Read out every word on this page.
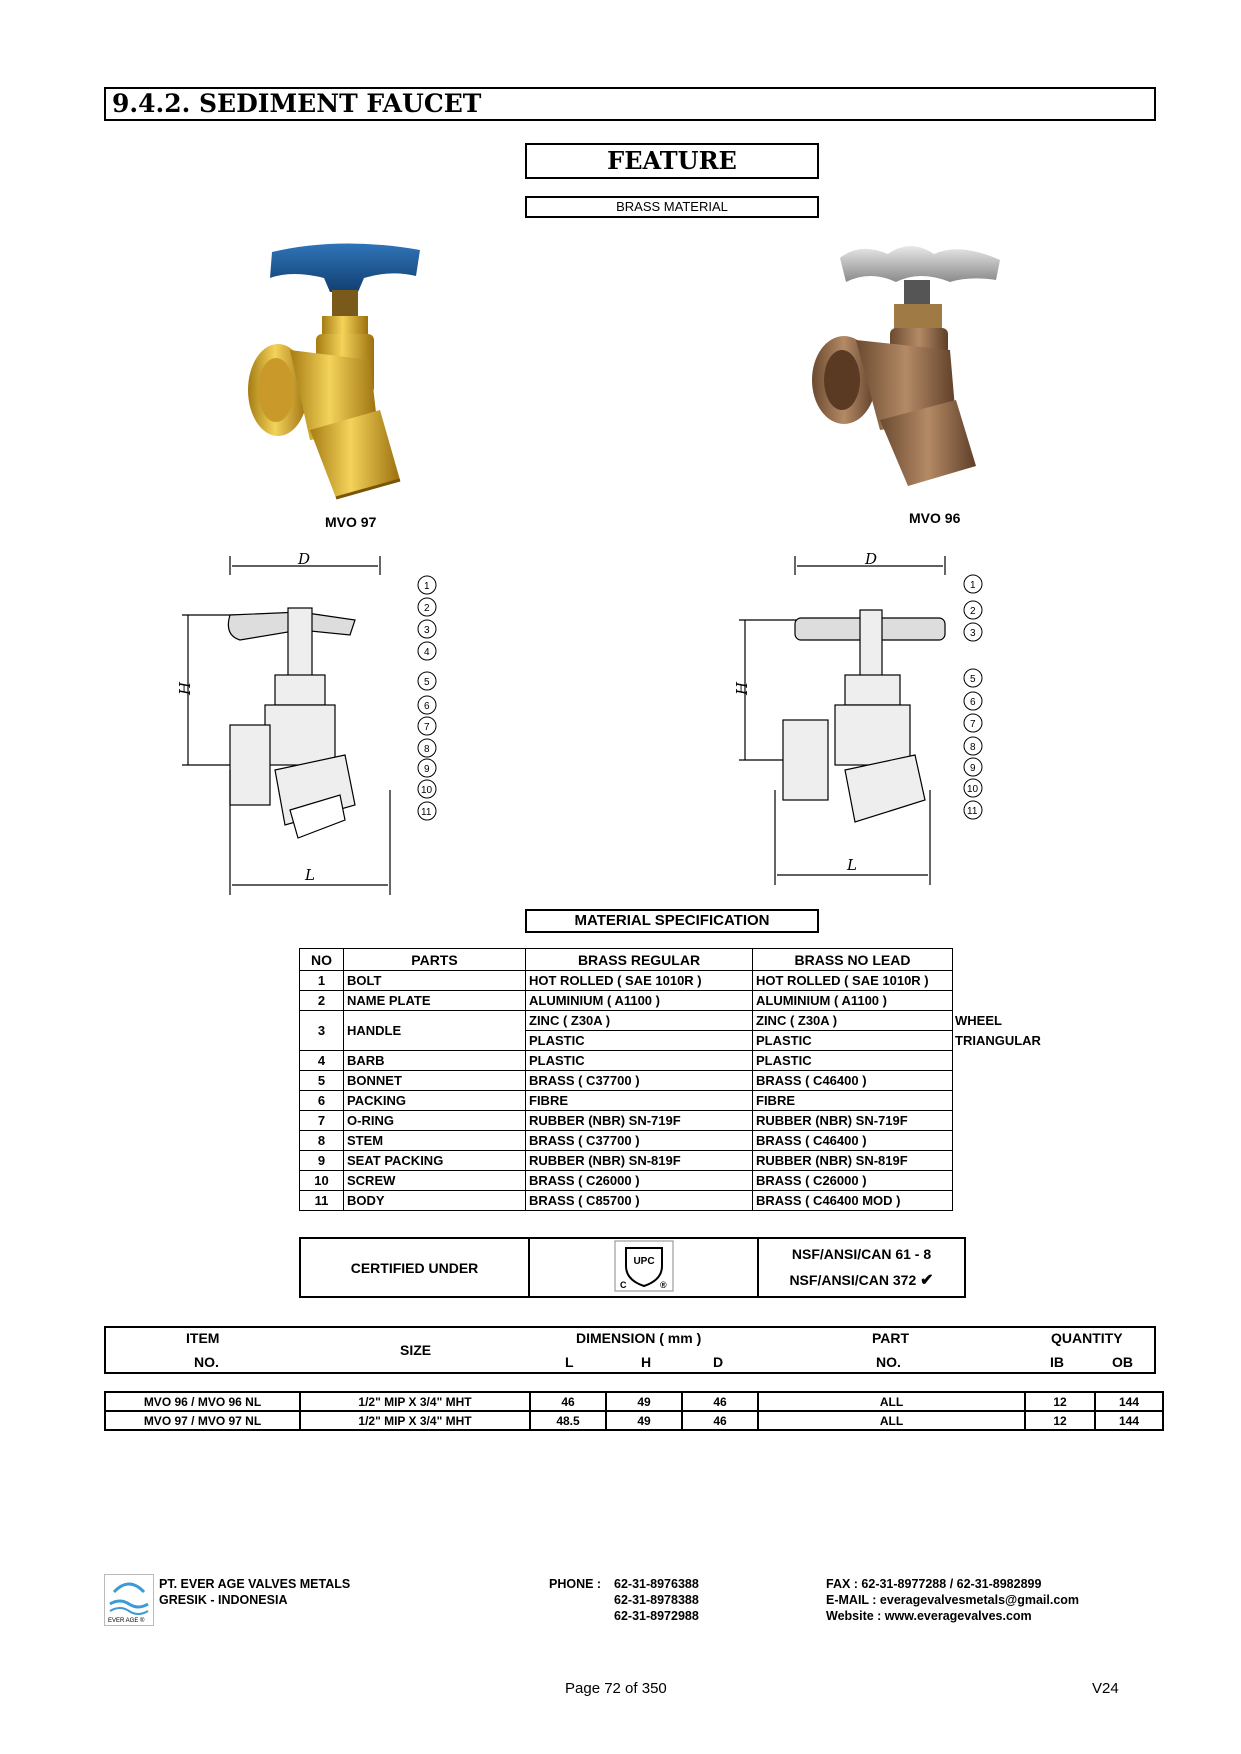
9.4.2. SEDIMENT FAUCET
FEATURE
BRASS MATERIAL
MVO 97	MVO 96
D
H
L
1
2
3
4
5
6
7
8
9
10
11
D
H
L
1
2
3
5
6
7
8
9
10
11
MATERIAL SPECIFICATION
NO	PARTS	BRASS REGULAR	BRASS NO LEAD	
1	BOLT	HOT ROLLED ( SAE 1010R )	HOT ROLLED ( SAE 1010R )	
2	NAME PLATE	ALUMINIUM ( A1100 )	ALUMINIUM ( A1100 )	
3	HANDLE	ZINC ( Z30A )	ZINC ( Z30A )	WHEEL
		PLASTIC	PLASTIC	TRIANGULAR
4	BARB	PLASTIC	PLASTIC	
5	BONNET	BRASS ( C37700 )	BRASS ( C46400 )	
6	PACKING	FIBRE	FIBRE	
7	O-RING	RUBBER (NBR) SN-719F	RUBBER (NBR) SN-719F	
8	STEM	BRASS ( C37700 )	BRASS ( C46400 )	
9	SEAT PACKING	RUBBER (NBR) SN-819F	RUBBER (NBR) SN-819F	
10	SCREW	BRASS ( C26000 )	BRASS ( C26000 )	
11	BODY	BRASS ( C85700 )	BRASS ( C46400 MOD )	
CERTIFIED UNDER	UPC
C	®

NSF/ANSI/CAN 61 - 8
NSF/ANSI/CAN 372 ✔
ITEM
NO.
SIZE
DIMENSION ( mm )
L	H	D
PART
NO.
QUANTITY
IB	OB
MVO 96 / MVO 96 NL	1/2" MIP X 3/4" MHT	46	49	46	ALL	12	144
MVO 97 / MVO 97 NL	1/2" MIP X 3/4" MHT	48.5	49	46	ALL	12	144
EVER AGE ®
PT. EVER AGE VALVES METALS
GRESIK - INDONESIA
PHONE : 62-31-8976388
62-31-8978388
62-31-8972988
FAX : 62-31-8977288 / 62-31-8982899
E-MAIL : everagevalvesmetals@gmail.com
Website : www.everagevalves.com
Page 72 of 350	V24
